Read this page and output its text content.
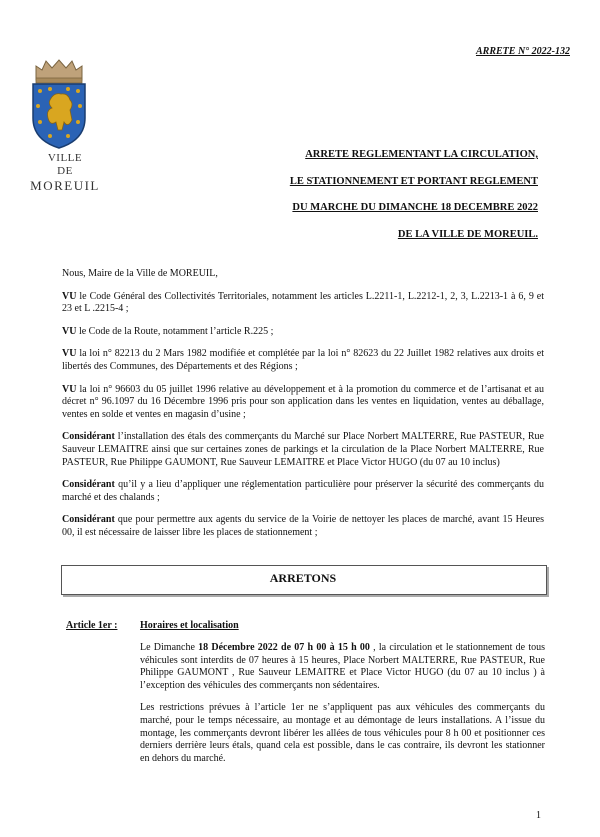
ARRETE N° 2022-132
VILLE
DE
MOREUIL
ARRETE REGLEMENTANT LA CIRCULATION,
LE STATIONNEMENT ET PORTANT REGLEMENT
DU MARCHE DU DIMANCHE 18 DECEMBRE 2022
DE LA VILLE DE MOREUIL.

Nous, Maire de la Ville de MOREUIL,

VU le Code Général des Collectivités Territoriales, notamment les articles L.2211-1, L.2212-1, 2, 3, L.2213-1 à 6, 9 et 23 et L .2215-4 ;

VU le Code de la Route, notamment l’article R.225 ;

VU la loi n° 82213 du 2 Mars 1982 modifiée et complétée par la loi n° 82623 du 22 Juillet 1982 relatives aux droits et libertés des Communes, des Départements et des Régions ;

VU la loi n° 96603 du 05 juillet 1996 relative au développement et à la promotion du commerce et de l’artisanat et au décret n° 96.1097 du 16 Décembre 1996 pris pour son application dans les ventes en liquidation, ventes au déballage, ventes en solde et ventes en magasin d’usine ;

Considérant l’installation des étals des commerçants du Marché sur Place Norbert MALTERRE, Rue PASTEUR, Rue Sauveur LEMAITRE ainsi que sur certaines zones de parkings et la circulation de la Place Norbert MALTERRE, Rue PASTEUR, Rue Philippe GAUMONT, Rue Sauveur LEMAITRE et Place Victor HUGO (du 07 au 10 inclus)

Considérant qu’il y a lieu d’appliquer une réglementation particulière pour préserver la sécurité des commerçants du marché et des chalands ;

Considérant que pour permettre aux agents du service de la Voirie de nettoyer les places de marché, avant 15 Heures 00, il est nécessaire de laisser libre les places de stationnement ;

ARRETONS
Article 1er : Horaires et localisation

Le Dimanche 18 Décembre 2022 de 07 h 00 à 15 h 00 , la circulation et le stationnement de tous véhicules sont interdits de 07 heures à 15 heures, Place Norbert MALTERRE, Rue PASTEUR, Rue Philippe GAUMONT , Rue Sauveur LEMAITRE et Place Victor HUGO (du 07 au 10 inclus ) à l’exception des véhicules des commerçants non sédentaires.

Les restrictions prévues à l’article 1er ne s’appliquent pas aux véhicules des commerçants du marché, pour le temps nécessaire, au montage et au démontage de leurs installations. A l’issue du montage, les commerçants devront libérer les allées de tous véhicules pour 8 h 00 et positionner ces derniers derrière leurs étals, quand cela est possible, dans le cas contraire, ils devront les stationner en dehors du marché.

1
